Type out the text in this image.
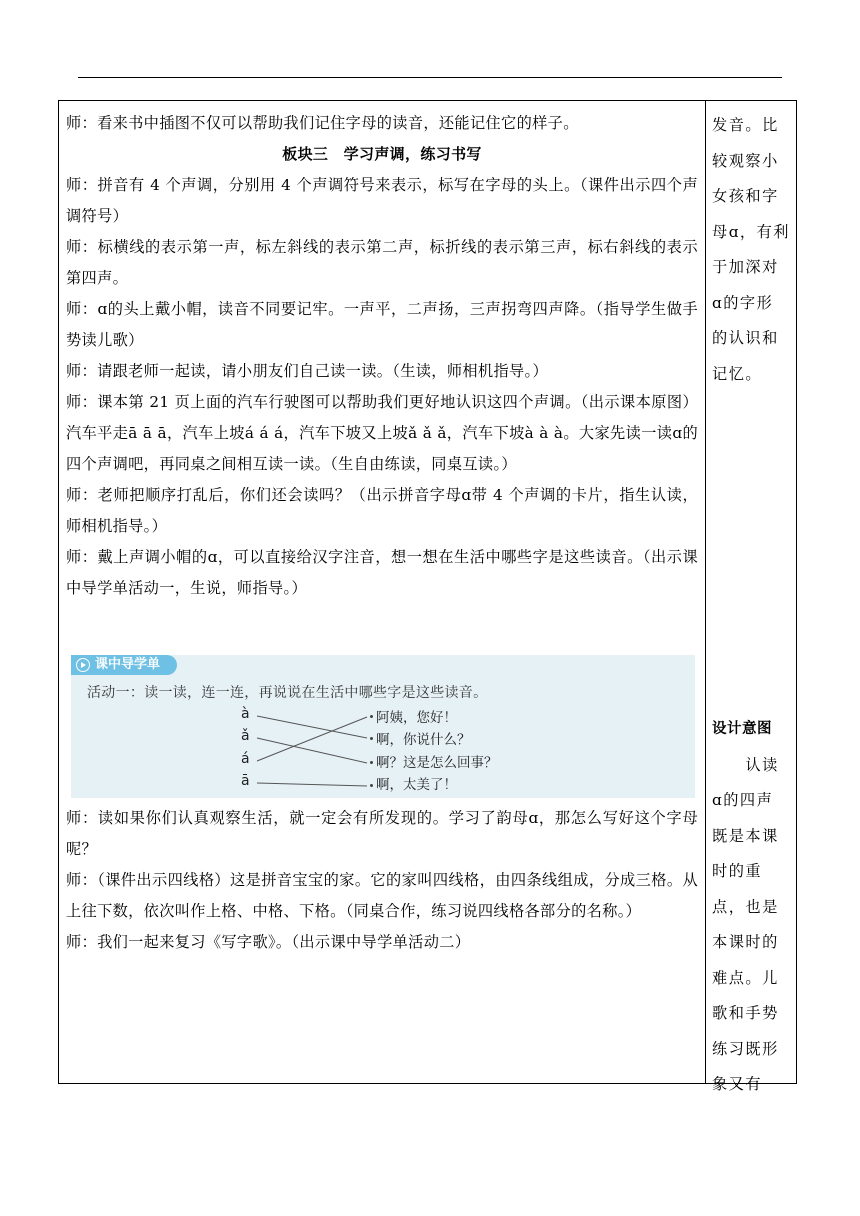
师：看来书中插图不仅可以帮助我们记住字母的读音，还能记住它的样子。

板块三　学习声调，练习书写

师：拼音有 4 个声调，分别用 4 个声调符号来表示，标写在字母的头上。（课件出示四个声调符号）

师：标横线的表示第一声，标左斜线的表示第二声，标折线的表示第三声，标右斜线的表示第四声。

师：ɑ的头上戴小帽，读音不同要记牢。一声平，二声扬，三声拐弯四声降。（指导学生做手势读儿歌）

师：请跟老师一起读，请小朋友们自己读一读。（生读，师相机指导。）

师：课本第 21 页上面的汽车行驶图可以帮助我们更好地认识这四个声调。（出示课本原图）汽车平走ā ā ā，汽车上坡á á á，汽车下坡又上坡ǎ ǎ ǎ，汽车下坡à à à。大家先读一读ɑ的四个声调吧，再同桌之间相互读一读。（生自由练读，同桌互读。）

师：老师把顺序打乱后，你们还会读吗？（出示拼音字母ɑ带 4 个声调的卡片，指生认读，师相机指导。）

师：戴上声调小帽的ɑ，可以直接给汉字注音，想一想在生活中哪些字是这些读音。（出示课中导学单活动一，生说，师指导。）

课中导学单
活动一：读一读，连一连，再说说在生活中哪些字是这些读音。
à
ǎ
á
ā
阿姨，您好！
啊，你说什么？
啊？这是怎么回事？
啊，太美了！

师：读如果你们认真观察生活，就一定会有所发现的。学习了韵母ɑ，那怎么写好这个字母呢？

师：（课件出示四线格）这是拼音宝宝的家。它的家叫四线格，由四条线组成，分成三格。从上往下数，依次叫作上格、中格、下格。（同桌合作，练习说四线格各部分的名称。）

师：我们一起来复习《写字歌》。（出示课中导学单活动二）

发音。比

较观察小

女孩和字

母ɑ，有利

于加深对

ɑ的字形

的认识和

记忆。

设计意图

　　认读

ɑ的四声

既是本课

时的重

点，也是

本课时的

难点。儿

歌和手势

练习既形

象又有
